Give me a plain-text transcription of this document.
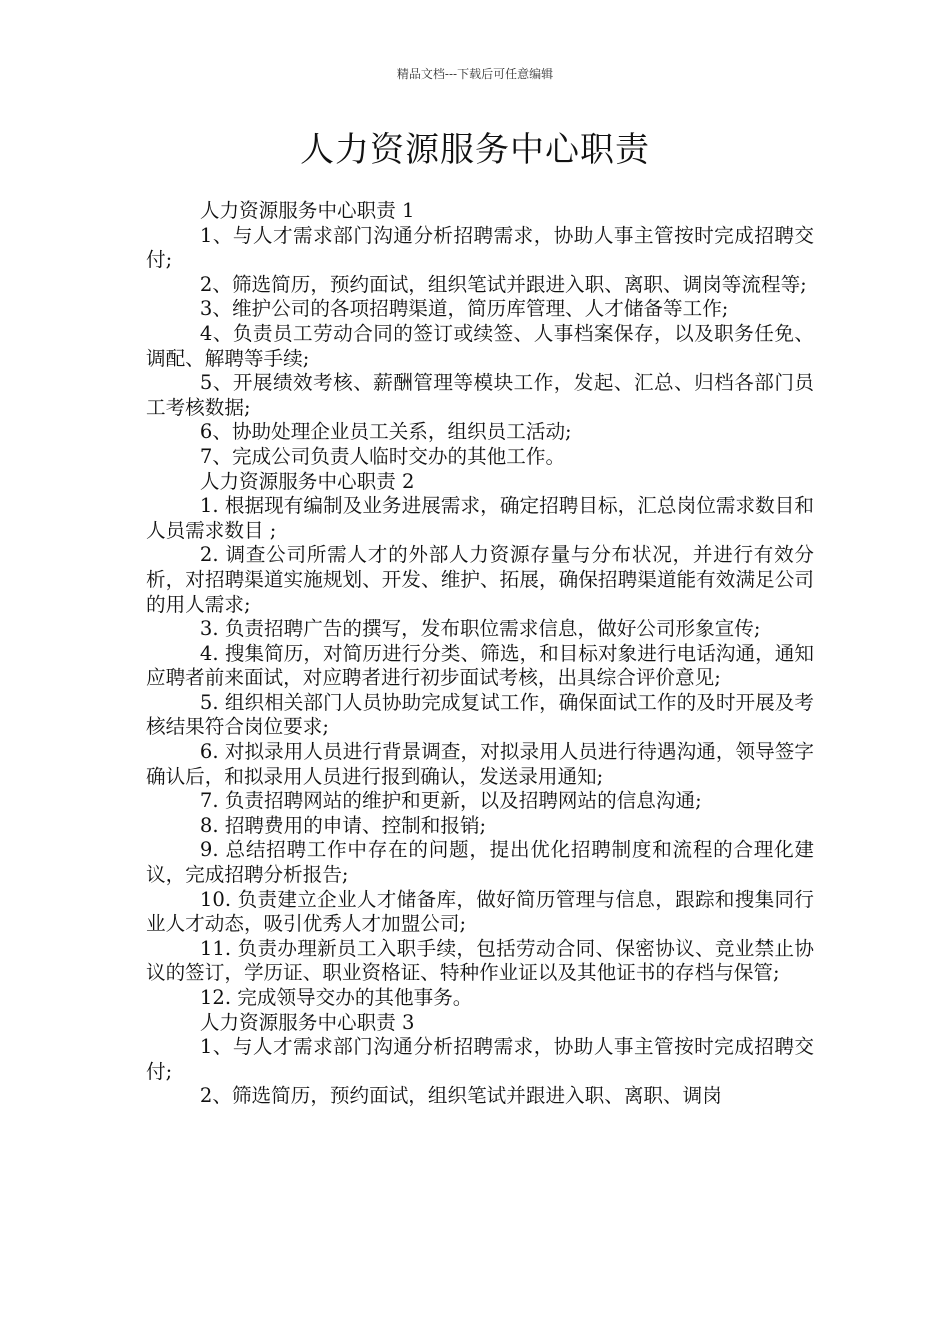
精品文档---下载后可任意编辑
人力资源服务中心职责

人力资源服务中心职责 1

1、与人才需求部门沟通分析招聘需求，协助人事主管按时完成招聘交付;

2、筛选简历，预约面试，组织笔试并跟进入职、离职、调岗等流程等;

3、维护公司的各项招聘渠道，简历库管理、人才储备等工作;

4、负责员工劳动合同的签订或续签、人事档案保存，以及职务任免、调配、解聘等手续;

5、开展绩效考核、薪酬管理等模块工作，发起、汇总、归档各部门员工考核数据;

6、协助处理企业员工关系，组织员工活动;

7、完成公司负责人临时交办的其他工作。

人力资源服务中心职责 2

1. 根据现有编制及业务进展需求，确定招聘目标，汇总岗位需求数目和人员需求数目 ;

2. 调查公司所需人才的外部人力资源存量与分布状况，并进行有效分析，对招聘渠道实施规划、开发、维护、拓展，确保招聘渠道能有效满足公司的用人需求;

3. 负责招聘广告的撰写，发布职位需求信息，做好公司形象宣传;

4. 搜集简历，对简历进行分类、筛选，和目标对象进行电话沟通，通知应聘者前来面试，对应聘者进行初步面试考核，出具综合评价意见;

5. 组织相关部门人员协助完成复试工作，确保面试工作的及时开展及考核结果符合岗位要求;

6. 对拟录用人员进行背景调查，对拟录用人员进行待遇沟通，领导签字确认后，和拟录用人员进行报到确认，发送录用通知;

7. 负责招聘网站的维护和更新，以及招聘网站的信息沟通;

8. 招聘费用的申请、控制和报销;

9. 总结招聘工作中存在的问题，提出优化招聘制度和流程的合理化建议，完成招聘分析报告;

10. 负责建立企业人才储备库，做好简历管理与信息，跟踪和搜集同行业人才动态，吸引优秀人才加盟公司;

11. 负责办理新员工入职手续，包括劳动合同、保密协议、竞业禁止协议的签订，学历证、职业资格证、特种作业证以及其他证书的存档与保管;

12. 完成领导交办的其他事务。

人力资源服务中心职责 3

1、与人才需求部门沟通分析招聘需求，协助人事主管按时完成招聘交付;

2、筛选简历，预约面试，组织笔试并跟进入职、离职、调岗
